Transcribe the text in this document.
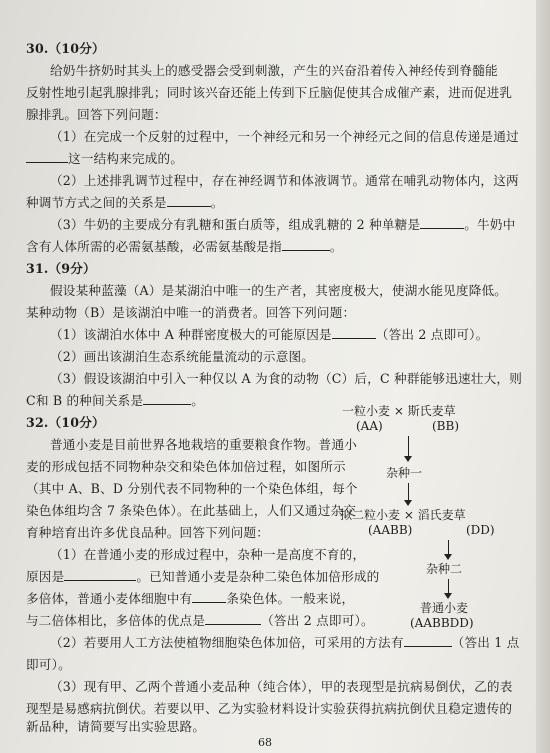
30.（10分）
给奶牛挤奶时其头上的感受器会受到刺激，产生的兴奋沿着传入神经传到脊髓能
反射性地引起乳腺排乳；同时该兴奋还能上传到下丘脑促使其合成催产素，进而促进乳
腺排乳。回答下列问题：
（1）在完成一个反射的过程中，一个神经元和另一个神经元之间的信息传递是通过
这一结构来完成的。
（2）上述排乳调节过程中，存在神经调节和体液调节。通常在哺乳动物体内，这两
种调节方式之间的关系是	。
（3）牛奶的主要成分有乳糖和蛋白质等，组成乳糖的 2 种单糖是	。牛奶中
含有人体所需的必需氨基酸，必需氨基酸是指	。
31.（9分）
假设某种蓝藻（A）是某湖泊中唯一的生产者，其密度极大，使湖水能见度降低。
某种动物（B）是该湖泊中唯一的消费者。回答下列问题：
（1）该湖泊水体中 A 种群密度极大的可能原因是	（答出 2 点即可）。
（2）画出该湖泊生态系统能量流动的示意图。
（3）假设该湖泊中引入一种仅以 A 为食的动物（C）后，C 种群能够迅速壮大，则
C和 B 的种间关系是	。
32.（10分）
普通小麦是目前世界各地栽培的重要粮食作物。普通小
麦的形成包括不同物种杂交和染色体加倍过程，如图所示
（其中 A、B、D 分别代表不同物种的一个染色体组，每个
染色体组均含 7 条染色体）。在此基础上，人们又通过杂交
育种培育出许多优良品种。回答下列问题：
（1）在普通小麦的形成过程中，杂种一是高度不育的，
原因是	。已知普通小麦是杂种二染色体加倍形成的
多倍体，普通小麦体细胞中有	条染色体。一般来说，
与二倍体相比，多倍体的优点是	（答出 2 点即可）。
（2）若要用人工方法使植物细胞染色体加倍，可采用的方法有	（答出 1 点
即可）。
（3）现有甲、乙两个普通小麦品种（纯合体），甲的表现型是抗病易倒伏，乙的表
现型是易感病抗倒伏。若要以甲、乙为实验材料设计实验获得抗病抗倒伏且稳定遗传的
新品种，请简要写出实验思路。
一粒小麦 × 斯氏麦草
(AA)	(BB)
杂种一
拟二粒小麦 × 滔氏麦草
(AABB)	(DD)
杂种二
普通小麦
(AABBDD)
68
